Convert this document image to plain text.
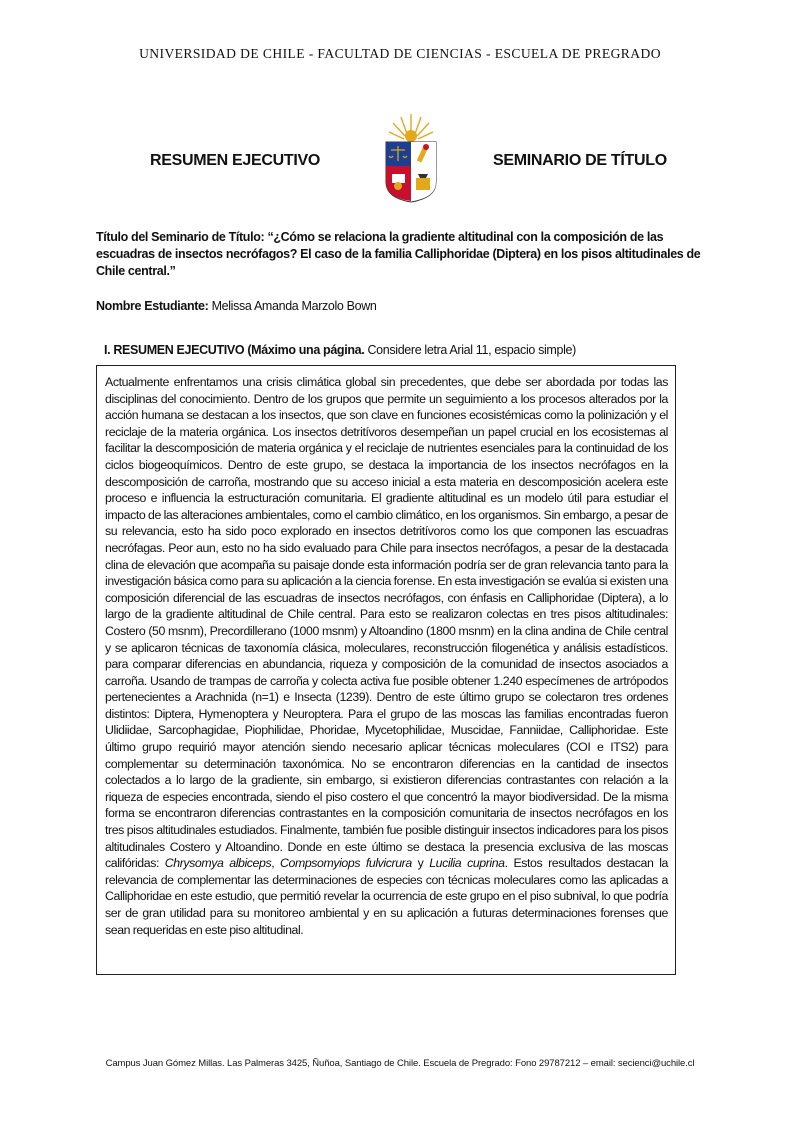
UNIVERSIDAD DE CHILE - FACULTAD DE CIENCIAS - ESCUELA DE PREGRADO
RESUMEN EJECUTIVO	SEMINARIO DE TÍTULO
Título del Seminario de Título: “¿Cómo se relaciona la gradiente altitudinal con la composición de las escuadras de insectos necrófagos? El caso de la familia Calliphoridae (Diptera) en los pisos altitudinales de Chile central.”
Nombre Estudiante: Melissa Amanda Marzolo Bown
I. RESUMEN EJECUTIVO (Máximo una página. Considere letra Arial 11, espacio simple)
Actualmente enfrentamos una crisis climática global sin precedentes, que debe ser abordada por todas las disciplinas del conocimiento. Dentro de los grupos que permite un seguimiento a los procesos alterados por la acción humana se destacan a los insectos, que son clave en funciones ecosistémicas como la polinización y el reciclaje de la materia orgánica. Los insectos detritívoros desempeñan un papel crucial en los ecosistemas al facilitar la descomposición de materia orgánica y el reciclaje de nutrientes esenciales para la continuidad de los ciclos biogeoquímicos. Dentro de este grupo, se destaca la importancia de los insectos necrófagos en la descomposición de carroña, mostrando que su acceso inicial a esta materia en descomposición acelera este proceso e influencia la estructuración comunitaria. El gradiente altitudinal es un modelo útil para estudiar el impacto de las alteraciones ambientales, como el cambio climático, en los organismos. Sin embargo, a pesar de su relevancia, esto ha sido poco explorado en insectos detritívoros como los que componen las escuadras necrófagas. Peor aun, esto no ha sido evaluado para Chile para insectos necrófagos, a pesar de la destacada clina de elevación que acompaña su paisaje donde esta información podría ser de gran relevancia tanto para la investigación básica como para su aplicación a la ciencia forense. En esta investigación se evalúa si existen una composición diferencial de las escuadras de insectos necrófagos, con énfasis en Calliphoridae (Diptera), a lo largo de la gradiente altitudinal de Chile central. Para esto se realizaron colectas en tres pisos altitudinales: Costero (50 msnm), Precordillerano (1000 msnm) y Altoandino (1800 msnm) en la clina andina de Chile central y se aplicaron técnicas de taxonomía clásica, moleculares, reconstrucción filogenética y análisis estadísticos. para comparar diferencias en abundancia, riqueza y composición de la comunidad de insectos asociados a carroña. Usando de trampas de carroña y colecta activa fue posible obtener 1.240 especímenes de artrópodos pertenecientes a Arachnida (n=1) e Insecta (1239). Dentro de este último grupo se colectaron tres ordenes distintos: Diptera, Hymenoptera y Neuroptera. Para el grupo de las moscas las familias encontradas fueron Ulidiidae, Sarcophagidae, Piophilidae, Phoridae, Mycetophilidae, Muscidae, Fanniidae, Calliphoridae. Este último grupo requirió mayor atención siendo necesario aplicar técnicas moleculares (COI e ITS2) para complementar su determinación taxonómica. No se encontraron diferencias en la cantidad de insectos colectados a lo largo de la gradiente, sin embargo, si existieron diferencias contrastantes con relación a la riqueza de especies encontrada, siendo el piso costero el que concentró la mayor biodiversidad. De la misma forma se encontraron diferencias contrastantes en la composición comunitaria de insectos necrófagos en los tres pisos altitudinales estudiados. Finalmente, también fue posible distinguir insectos indicadores para los pisos altitudinales Costero y Altoandino. Donde en este último se destaca la presencia exclusiva de las moscas califóridas: Chrysomya albiceps, Compsomyiops fulvicrura y Lucilia cuprina. Estos resultados destacan la relevancia de complementar las determinaciones de especies con técnicas moleculares como las aplicadas a Calliphoridae en este estudio, que permitió revelar la ocurrencia de este grupo en el piso subnival, lo que podría ser de gran utilidad para su monitoreo ambiental y en su aplicación a futuras determinaciones forenses que sean requeridas en este piso altitudinal.
Campus Juan Gómez Millas. Las Palmeras 3425, Ñuñoa, Santiago de Chile. Escuela de Pregrado: Fono 29787212 – email: secienci@uchile.cl
